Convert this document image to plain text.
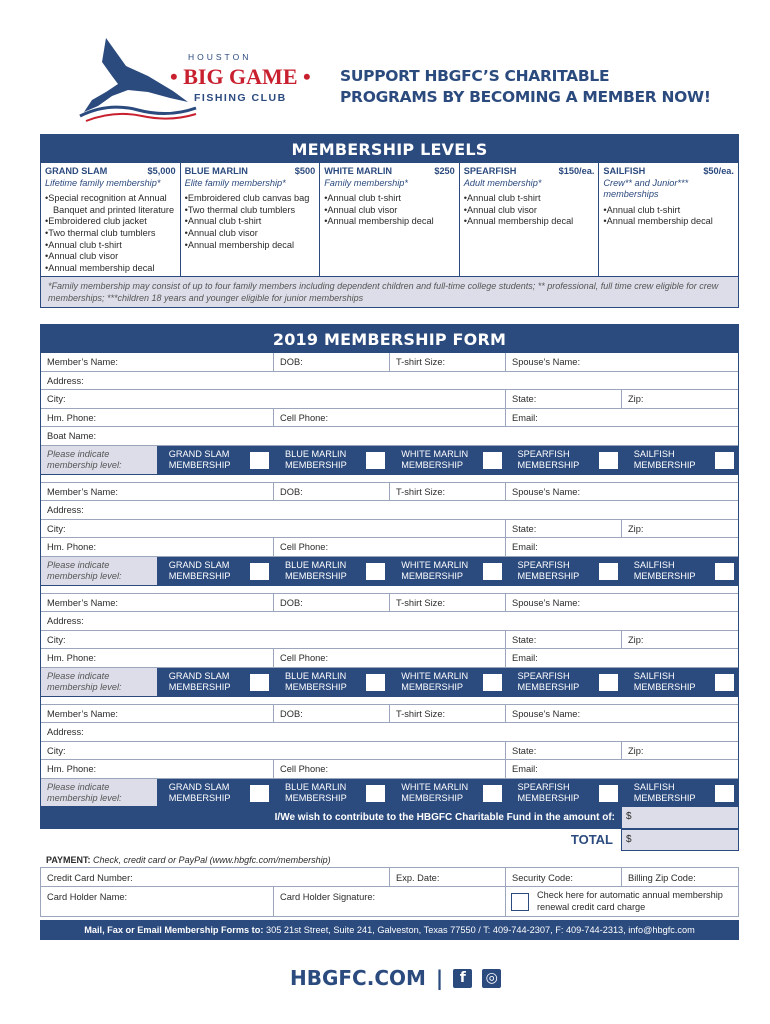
HOUSTON
• BIG GAME •
FISHING CLUB
SUPPORT HBGFC’S CHARITABLE
PROGRAMS BY BECOMING A MEMBER NOW!
MEMBERSHIP LEVELS
GRAND SLAM	$5,000
Lifetime family membership*
• Special recognition at Annual Banquet and printed literature
• Embroidered club jacket
• Two thermal club tumblers
• Annual club t-shirt
• Annual club visor
• Annual membership decal
BLUE MARLIN	$500
Elite family membership*
• Embroidered club canvas bag
• Two thermal club tumblers
• Annual club t-shirt
• Annual club visor
• Annual membership decal
WHITE MARLIN	$250
Family membership*
• Annual club t-shirt
• Annual club visor
• Annual membership decal
SPEARFISH	$150/ea.
Adult membership*
• Annual club t-shirt
• Annual club visor
• Annual membership decal
SAILFISH	$50/ea.
Crew** and Junior*** memberships
• Annual club t-shirt
• Annual membership decal
*Family membership may consist of up to four family members including dependent children and full-time college students; ** professional, full time crew eligible for crew memberships; ***children 18 years and younger eligible for junior memberships
2019 MEMBERSHIP FORM
Member’s Name:	DOB:	T-shirt Size:	Spouse’s Name:
Address:
City:	State:	Zip:
Hm. Phone:	Cell Phone:	Email:
Boat Name:
Please indicate membership level:
GRAND SLAM
MEMBERSHIP
BLUE MARLIN
MEMBERSHIP
WHITE MARLIN
MEMBERSHIP
SPEARFISH
MEMBERSHIP
SAILFISH
MEMBERSHIP
Member’s Name:	DOB:	T-shirt Size:	Spouse’s Name:
Address:
City:	State:	Zip:
Hm. Phone:	Cell Phone:	Email:
Please indicate membership level:
GRAND SLAM
MEMBERSHIP
BLUE MARLIN
MEMBERSHIP
WHITE MARLIN
MEMBERSHIP
SPEARFISH
MEMBERSHIP
SAILFISH
MEMBERSHIP
Member’s Name:	DOB:	T-shirt Size:	Spouse’s Name:
Address:
City:	State:	Zip:
Hm. Phone:	Cell Phone:	Email:
Please indicate membership level:
GRAND SLAM
MEMBERSHIP
BLUE MARLIN
MEMBERSHIP
WHITE MARLIN
MEMBERSHIP
SPEARFISH
MEMBERSHIP
SAILFISH
MEMBERSHIP
Member’s Name:	DOB:	T-shirt Size:	Spouse’s Name:
Address:
City:	State:	Zip:
Hm. Phone:	Cell Phone:	Email:
Please indicate membership level:
GRAND SLAM
MEMBERSHIP
BLUE MARLIN
MEMBERSHIP
WHITE MARLIN
MEMBERSHIP
SPEARFISH
MEMBERSHIP
SAILFISH
MEMBERSHIP
I/We wish to contribute to the HBGFC Charitable Fund in the amount of:	$
TOTAL	$
PAYMENT: Check, credit card or PayPal (www.hbgfc.com/membership)
Credit Card Number:	Exp. Date:	Security Code:	Billing Zip Code:
Card Holder Name:	Card Holder Signature:	Check here for automatic annual membership renewal credit card charge
Mail, Fax or Email Membership Forms to: 305 21st Street, Suite 241, Galveston, Texas 77550 / T: 409-744-2307, F: 409-744-2313, info@hbgfc.com
HBGFC.COM |	f	◎
